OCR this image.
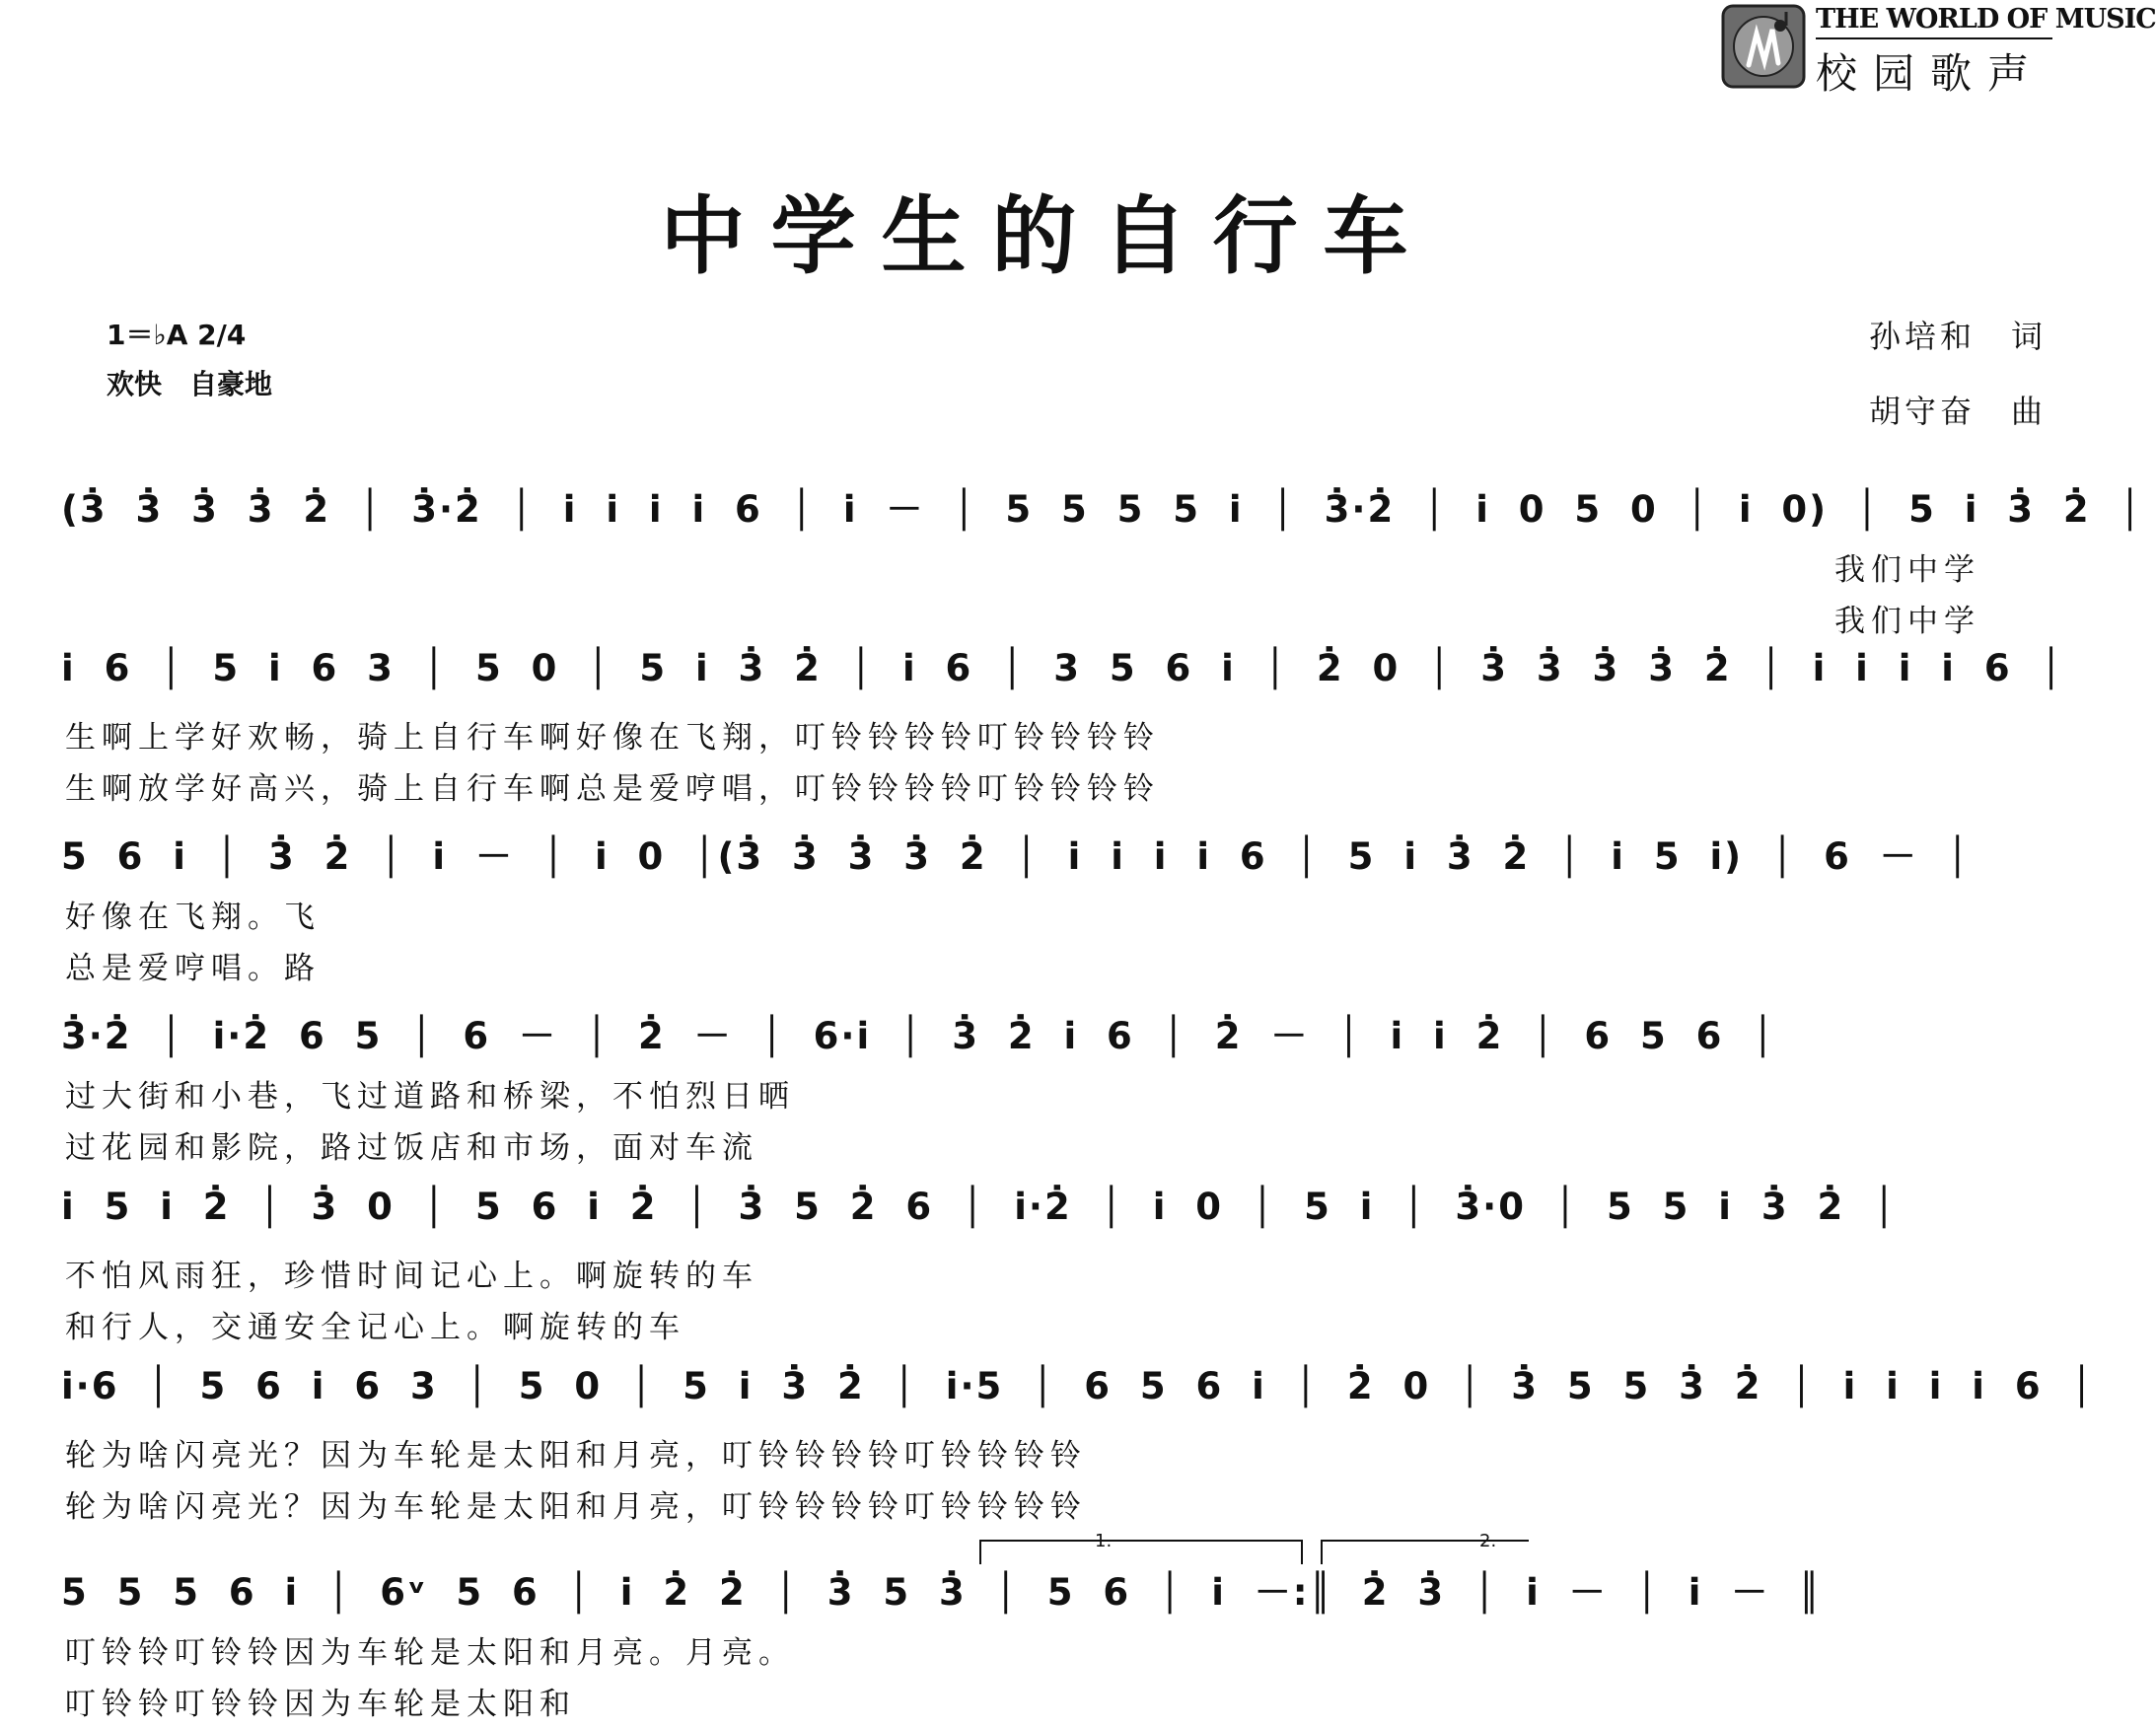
THE WORLD OF MUSIC
校园歌声
中学生的自行车
1＝♭A 2/4
欢快　自豪地
孙培和　词
胡守奋　曲
(3̇ 3̇ 3̇ 3̇ 2̇ │ 3̇·2̇ │ i̇ i̇ i̇ i̇ 6 │ i̇ － │ 5 5 5 5 i̇ │ 3̇·2̇ │ i̇ 0 5 0 │ i̇ 0) │ 5 i̇ 3̇ 2̇ │
我们中学
我们中学
i̇ 6 │ 5 i̇ 6 3 │ 5 0 │ 5 i̇ 3̇ 2̇ │ i̇ 6 │ 3 5 6 i̇ │ 2̇ 0 │ 3̇ 3̇ 3̇ 3̇ 2̇ │ i̇ i̇ i̇ i̇ 6 │
生啊上学好欢畅，骑上自行车啊好像在飞翔，叮铃铃铃铃叮铃铃铃铃
生啊放学好高兴，骑上自行车啊总是爱哼唱，叮铃铃铃铃叮铃铃铃铃
5 6 i̇ │ 3̇ 2̇ │ i̇ － │ i̇ 0 │(3̇ 3̇ 3̇ 3̇ 2̇ │ i̇ i̇ i̇ i̇ 6 │ 5 i̇ 3̇ 2̇ │ i̇ 5 i̇) │ 6 － │
好像在飞翔。飞
总是爱哼唱。路
3̇·2̇ │ i̇·2̇ 6 5 │ 6 － │ 2̇ － │ 6·i̇ │ 3̇ 2̇ i̇ 6 │ 2̇ － │ i̇ i̇ 2̇ │ 6 5 6 │
过大街和小巷，飞过道路和桥梁，不怕烈日晒
过花园和影院，路过饭店和市场，面对车流
i̇ 5 i̇ 2̇ │ 3̇ 0 │ 5 6 i̇ 2̇ │ 3̇ 5 2̇ 6 │ i̇·2̇ │ i̇ 0 │ 5 i̇ │ 3̇·0 │ 5 5 i̇ 3̇ 2̇ │
不怕风雨狂，珍惜时间记心上。啊旋转的车
和行人，交通安全记心上。啊旋转的车
i̇·6 │ 5 6 i̇ 6 3 │ 5 0 │ 5 i̇ 3̇ 2̇ │ i̇·5 │ 6 5 6 i̇ │ 2̇ 0 │ 3̇ 5 5 3̇ 2̇ │ i̇ i̇ i̇ i̇ 6 │
轮为啥闪亮光？因为车轮是太阳和月亮，叮铃铃铃铃叮铃铃铃铃
轮为啥闪亮光？因为车轮是太阳和月亮，叮铃铃铃铃叮铃铃铃铃
1.	2.
5 5 5 6 i̇ │ 6ᵛ 5 6 │ i̇ 2̇ 2̇ │ 3̇ 5 3̇ │ 5 6 │ i̇ －:║ 2̇ 3̇ │ i̇ － │ i̇ － ║
叮铃铃叮铃铃因为车轮是太阳和月亮。月亮。
叮铃铃叮铃铃因为车轮是太阳和
